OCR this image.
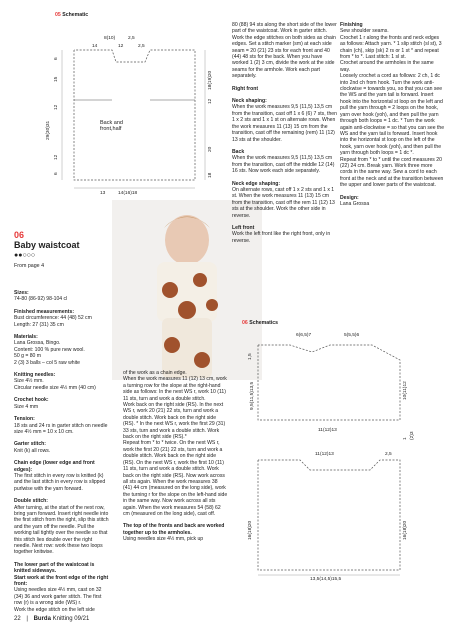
05 Schematic
8(10)	2,5
14	12	2,5
6
12
29(30)31
12
15
6
18(19)20
12
20
18
13	14(16)18
Back and front,half
06
Baby waistcoat
●●○○○
From page 4

Sizes:
74-80 (86-92) 98-104 cl

Finished measurements:
Bust circumference: 44 (48) 52 cm
Length: 27 (31) 35 cm

Materials:
Lana Grossa, Bingo.
Content: 100 % pure new wool.
50 g = 80 m
2 (3) 3 balls – col 5 raw white

Knitting needles:
Size 4½ mm.
Circular needle size 4½ mm (40 cm)

Crochet hook:
Size 4 mm

Tension:
18 sts and 24 rs in garter stitch on needle size 4½ mm = 10 x 10 cm.

Garter stitch:
Knit (k) all rows.

Chain edge (lower edge and front edges):
The first stitch in every row is knitted (k) and the last stitch in every row is slipped purlwise with the yarn forward.

Double stitch:
After turning, at the start of the next row, bring yarn forward. Insert right needle into the first stitch from the right, slip this stitch and the yarn off the needle. Pull the working tail tightly over the needle so that this stitch lies double over the right needle. Next row: work these two loops together knitwise.

The lower part of the waistcoat is knitted sideways.
Start work at the front edge of the right front:
Using needles size 4½ mm, cast on 32 (34) 36 and work garter stitch. The first row (r) is a wrong side (WS) r.
Work the edge stitch on the left side

of the work as a chain edge.
When the work measures 11 (12) 13 cm, work a turning row for the slope at the right-hand side as follows: In the next WS r, work 10 (11) 11 sts, turn and work a double stitch.
Work back on the right side (RS). In the next WS r, work 20 (21) 22 sts, turn and work a double stitch. Work back on the right side (RS). * In the next WS r, work the first 29 (31) 33 sts, turn and work a double stitch. Work back on the right side (RS).*
Repeat from * to * twice. On the next WS r, work the first 20 (21) 22 sts, turn and work a double stitch. Work back on the right side (RS). On the next WS r, work the first 10 (11) 11 sts, turn and work a double stitch. Work back on the right side (RS). Now work across all sts again. When the work measures 38 (41) 44 cm (measured on the long side), work the turning r for the slope on the left-hand side in the same way. Now work across all sts again. When the work measures 54 (58) 62 cm (measured on the long side), cast off.

The top of the fronts and back are worked together up to the armholes.
Using needles size 4½ mm, pick up

80 (88) 94 sts along the short side of the lower part of the waistcoat. Work in garter stitch. Work the edge stitches on both sides as chain edges. Set a stitch marker (sm) at each side seam = 20 (21) 23 sts for each front and 40 (44) 48 sts for the back. When you have worked 1 (2) 3 cm, divide the work at the side seams for the armhole. Work each part separately.

Right front

Neck shaping:
When the work measures 9,5 (11,5) 13,5 cm from the transition, cast off 1 x 6 (6) 7 sts, then 1 x 2 sts and 1 x 1 st on alternate rows. When the work measures 11 (13) 15 cm from the transition, cast off the remaining (rem) 11 (12) 13 sts at the shoulder.

Back
When the work measures 9,5 (11,5) 13,5 cm from the transition, cast off the middle 12 (14) 16 sts. Now work each side separately.

Neck edge shaping:
On alternate rows, cast off 1 x 2 sts and 1 x 1 st. When the work measures 11 (13) 15 cm from the transition, cast off the rem 11 (12) 13 sts at the shoulder. Work the other side in reverse.

Left front
Work the left front like the right front, only in reverse.

Finishing
Sew shoulder seams.
Crochet 1 r along the fronts and neck edges as follows: Attach yarn. * 1 slip stitch (sl st), 3 chain (ch), skip (sk) 2 rs or 1 st * and repeat from * to *. Last stitch: 1 sl st.
Crochet around the armholes in the same way.
Loosely crochet a cord as follows: 2 ch, 1 dc into 2nd ch from hook. Turn the work anti-clockwise = towards you, so that you can see the WS and the yarn tail is forward. Insert hook into the horizontal st loop on the left and pull the yarn through = 2 loops on the hook, yarn over hook (yoh), and then pull the yarn through both loops = 1 dc. * Turn the work again anti-clockwise = so that you can see the WS and the yarn tail is forward. Insert hook into the horizontal st loop on the left of the hook, yarn over hook (yoh), and then pull the yarn through both loops = 1 dc *.
Repeat from * to * until the cord measures 20 (22) 24 cm. Break yarn. Work three more cords in the same way. Sew a cord to each front at the neck and at the transition between the upper and lower parts of the waistcoat.

Design:
Lana Grossa

06 Schematics
6(6,5)7	5(5,5)6
1,5
9,5(11,5)13,5	10(11)12
11(12)13
11(12)13	2,5
16(18)20	16(18)20
13,5(14,5)15,5
1 (2)3
22 | Burda Knitting 09/21
